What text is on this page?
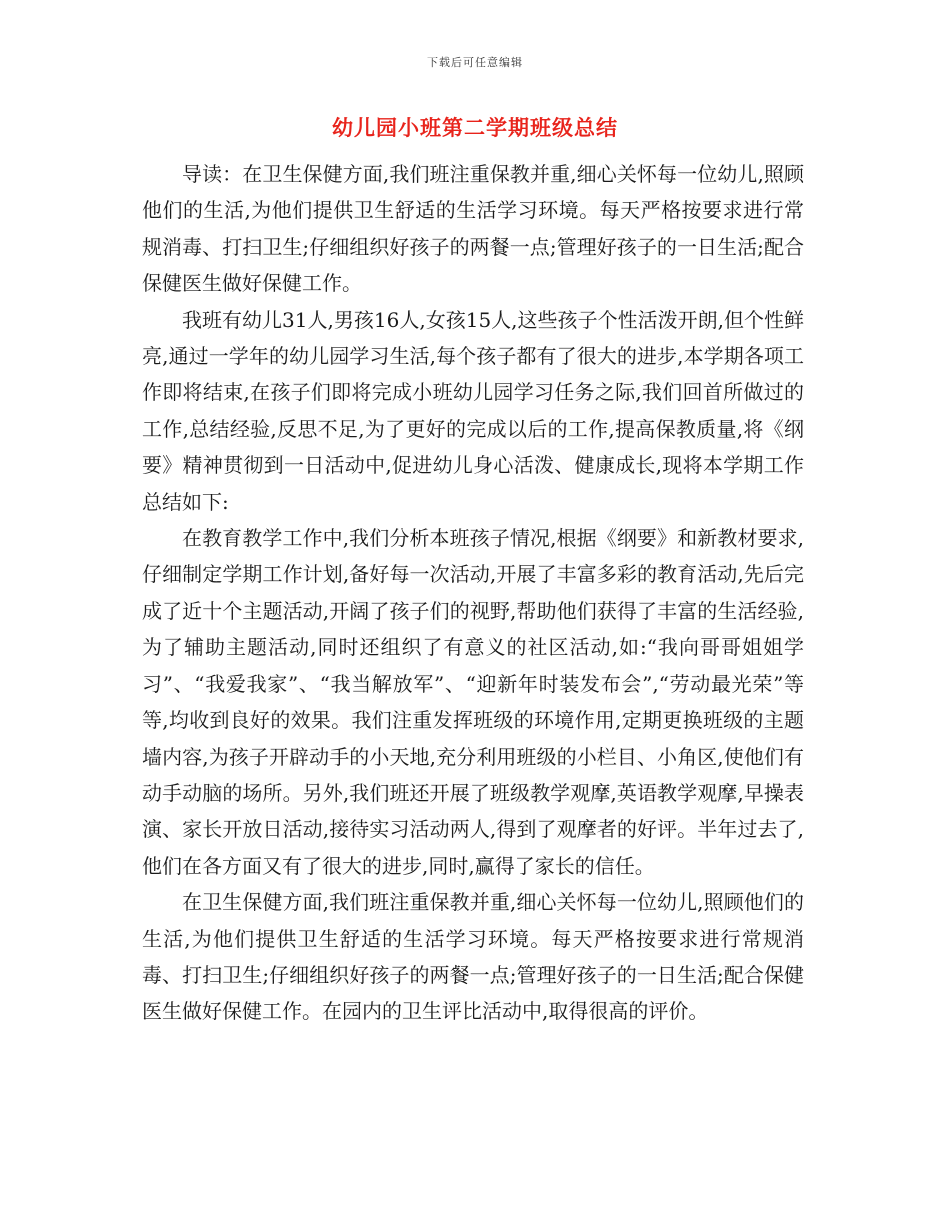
下载后可任意编辑
幼儿园小班第二学期班级总结

导读：在卫生保健方面,我们班注重保教并重,细心关怀每一位幼儿,照顾他们的生活,为他们提供卫生舒适的生活学习环境。每天严格按要求进行常规消毒、打扫卫生;仔细组织好孩子的两餐一点;管理好孩子的一日生活;配合保健医生做好保健工作。

我班有幼儿31人,男孩16人,女孩15人,这些孩子个性活泼开朗,但个性鲜亮,通过一学年的幼儿园学习生活,每个孩子都有了很大的进步,本学期各项工作即将结束,在孩子们即将完成小班幼儿园学习任务之际,我们回首所做过的工作,总结经验,反思不足,为了更好的完成以后的工作,提高保教质量,将《纲要》精神贯彻到一日活动中,促进幼儿身心活泼、健康成长,现将本学期工作总结如下:

在教育教学工作中,我们分析本班孩子情况,根据《纲要》和新教材要求,仔细制定学期工作计划,备好每一次活动,开展了丰富多彩的教育活动,先后完成了近十个主题活动,开阔了孩子们的视野,帮助他们获得了丰富的生活经验,为了辅助主题活动,同时还组织了有意义的社区活动,如:“我向哥哥姐姐学习”、“我爱我家”、“我当解放军”、“迎新年时装发布会”,“劳动最光荣”等等,均收到良好的效果。我们注重发挥班级的环境作用,定期更换班级的主题墙内容,为孩子开辟动手的小天地,充分利用班级的小栏目、小角区,使他们有动手动脑的场所。另外,我们班还开展了班级教学观摩,英语教学观摩,早操表演、家长开放日活动,接待实习活动两人,得到了观摩者的好评。半年过去了,他们在各方面又有了很大的进步,同时,赢得了家长的信任。

在卫生保健方面,我们班注重保教并重,细心关怀每一位幼儿,照顾他们的生活,为他们提供卫生舒适的生活学习环境。每天严格按要求进行常规消毒、打扫卫生;仔细组织好孩子的两餐一点;管理好孩子的一日生活;配合保健医生做好保健工作。在园内的卫生评比活动中,取得很高的评价。
